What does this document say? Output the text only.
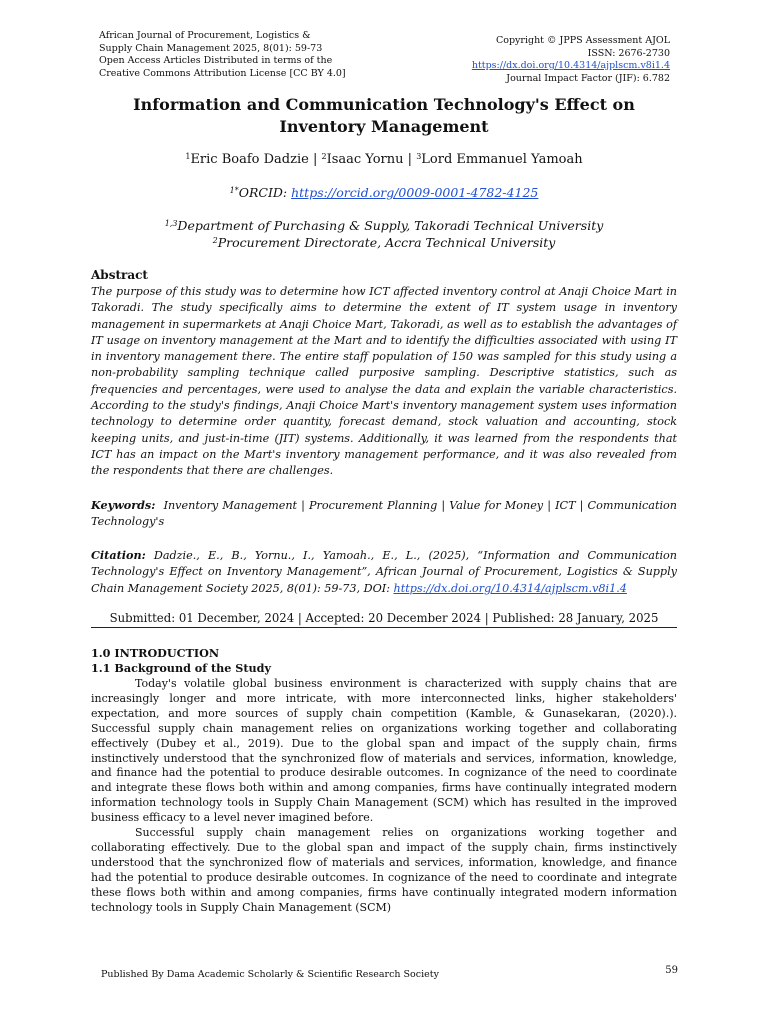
African Journal of Procurement, Logistics &
Supply Chain Management 2025, 8(01): 59-73
Open Access Articles Distributed in terms of the
Creative Commons Attribution License [CC BY 4.0]
Copyright © JPPS Assessment AJOL
ISSN: 2676-2730
https://dx.doi.org/10.4314/ajplscm.v8i1.4
Journal Impact Factor (JIF): 6.782
Information and Communication Technology's Effect on Inventory Management
$^1$Eric Boafo Dadzie | $^2$Isaac Yornu | $^3$Lord Emmanuel Yamoah
$^{1*}$ORCID: https://orcid.org/0009-0001-4782-4125
$^{1,3}$Department of Purchasing & Supply, Takoradi Technical University
$^2$Procurement Directorate, Accra Technical University
Abstract
The purpose of this study was to determine how ICT affected inventory control at Anaji Choice Mart in Takoradi. The study specifically aims to determine the extent of IT system usage in inventory management in supermarkets at Anaji Choice Mart, Takoradi, as well as to establish the advantages of IT usage on inventory management at the Mart and to identify the difficulties associated with using IT in inventory management there. The entire staff population of 150 was sampled for this study using a non-probability sampling technique called purposive sampling. Descriptive statistics, such as frequencies and percentages, were used to analyse the data and explain the variable characteristics. According to the study's findings, Anaji Choice Mart's inventory management system uses information technology to determine order quantity, forecast demand, stock valuation and accounting, stock keeping units, and just-in-time (JIT) systems. Additionally, it was learned from the respondents that ICT has an impact on the Mart's inventory management performance, and it was also revealed from the respondents that there are challenges.
Keywords: Inventory Management | Procurement Planning | Value for Money | ICT | Communication Technology's
Citation: Dadzie., E., B., Yornu., I., Yamoah., E., L., (2025), “Information and Communication Technology's Effect on Inventory Management”, African Journal of Procurement, Logistics & Supply Chain Management Society 2025, 8(01): 59-73, DOI: https://dx.doi.org/10.4314/ajplscm.v8i1.4
Submitted: 01 December, 2024 | Accepted: 20 December 2024 | Published: 28 January, 2025
1.0 INTRODUCTION
1.1 Background of the Study

Today's volatile global business environment is characterized with supply chains that are increasingly longer and more intricate, with more interconnected links, higher stakeholders' expectation, and more sources of supply chain competition (Kamble, & Gunasekaran, (2020).). Successful supply chain management relies on organizations working together and collaborating effectively (Dubey et al., 2019). Due to the global span and impact of the supply chain, firms instinctively understood that the synchronized flow of materials and services, information, knowledge, and finance had the potential to produce desirable outcomes. In cognizance of the need to coordinate and integrate these flows both within and among companies, firms have continually integrated modern information technology tools in Supply Chain Management (SCM) which has resulted in the improved business efficacy to a level never imagined before.

Successful supply chain management relies on organizations working together and collaborating effectively. Due to the global span and impact of the supply chain, firms instinctively understood that the synchronized flow of materials and services, information, knowledge, and finance had the potential to produce desirable outcomes. In cognizance of the need to coordinate and integrate these flows both within and among companies, firms have continually integrated modern information technology tools in Supply Chain Management (SCM)

Published By Dama Academic Scholarly & Scientific Research Society	59
